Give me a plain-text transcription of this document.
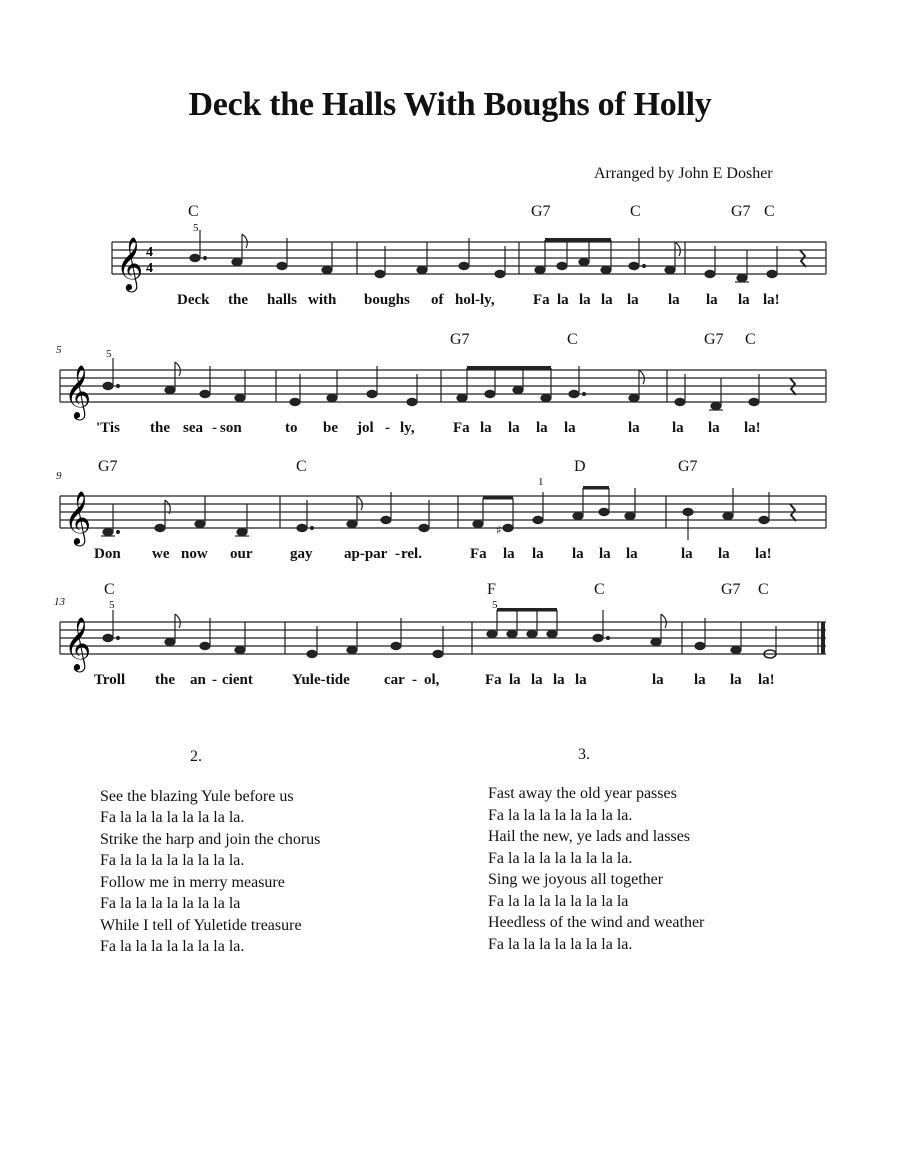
Deck the Halls With Boughs of Holly
Arranged by John E Dosher
𝄞 4
4
C	G7	C	G7 C
5
Deck the halls with boughs of hol-ly,	Fa la la la la la la la la!
𝄞
5
G7	C	G7 C
5
'Tis the sea - son	to be jol - ly,	Fa la la la la	la la la la!
𝄞	♯
9
G7	C	D	G7
1
Don we now our	gay ap-par - rel.	Fa la la la la la	la la la!
𝄞
13
C	F	C	G7 C
5	5
Troll the an - cient	Yule-tide car - ol,	Fa la la la la	la la la la!
2.
See the blazing Yule before us
Fa la la la la la la la la.
Strike the harp and join the chorus
Fa la la la la la la la la.
Follow me in merry measure
Fa la la la la la la la la
While I tell of Yuletide treasure
Fa la la la la la la la la.
3.
Fast away the old year passes
Fa la la la la la la la la.
Hail the new, ye lads and lasses
Fa la la la la la la la la.
Sing we joyous all together
Fa la la la la la la la la
Heedless of the wind and weather
Fa la la la la la la la la.
